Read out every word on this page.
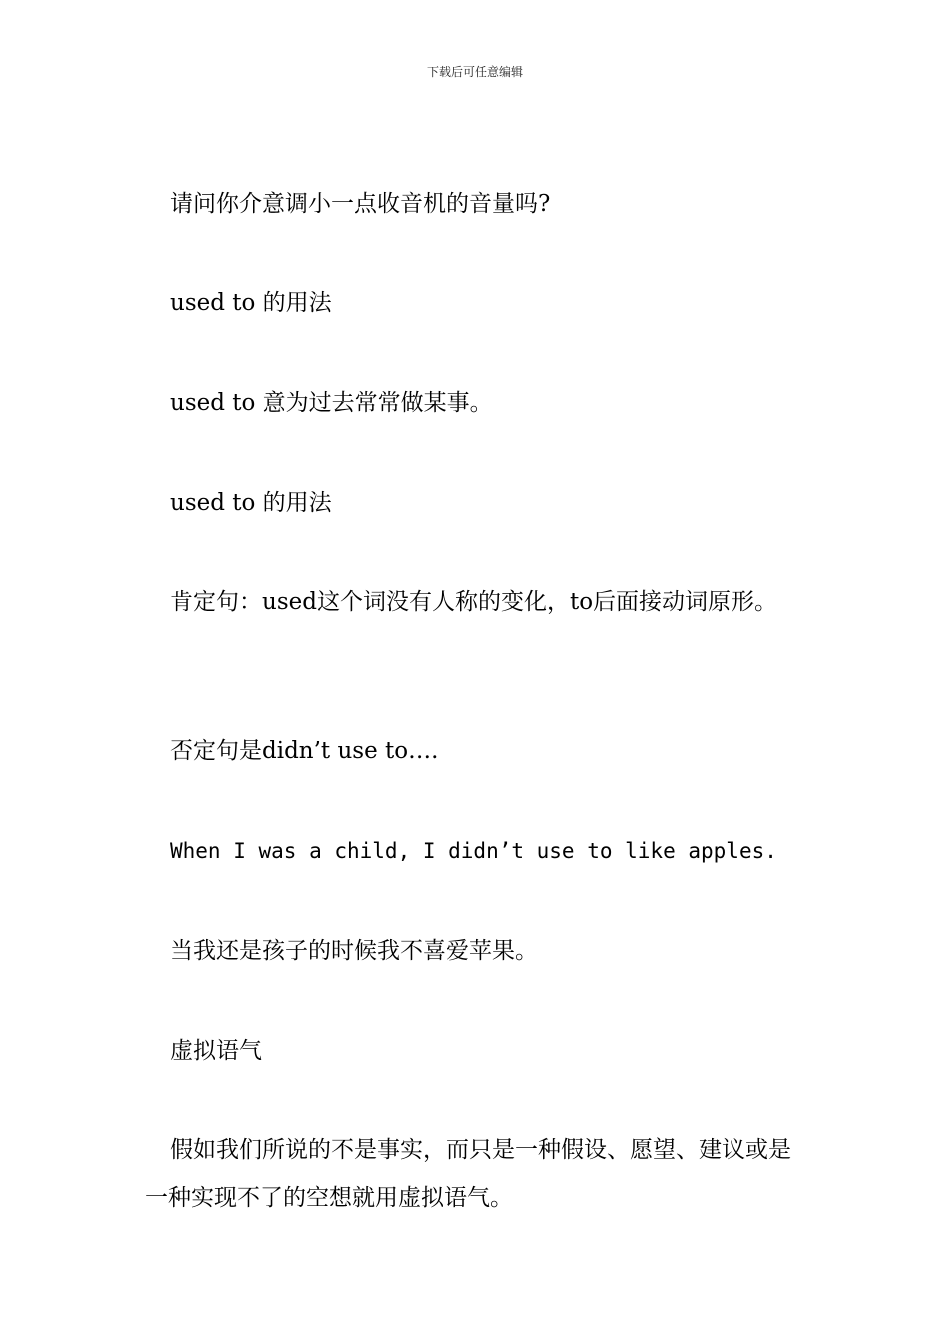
下载后可任意编辑
请问你介意调小一点收音机的音量吗?
used to 的用法
used to 意为过去常常做某事。
used to 的用法
肯定句：used这个词没有人称的变化，to后面接动词原形。
否定句是didn’t use to….
When I was a child, I didn’t use to like apples.
当我还是孩子的时候我不喜爱苹果。
虚拟语气
假如我们所说的不是事实，而只是一种假设、愿望、建议或是一种实现不了的空想就用虚拟语气。
